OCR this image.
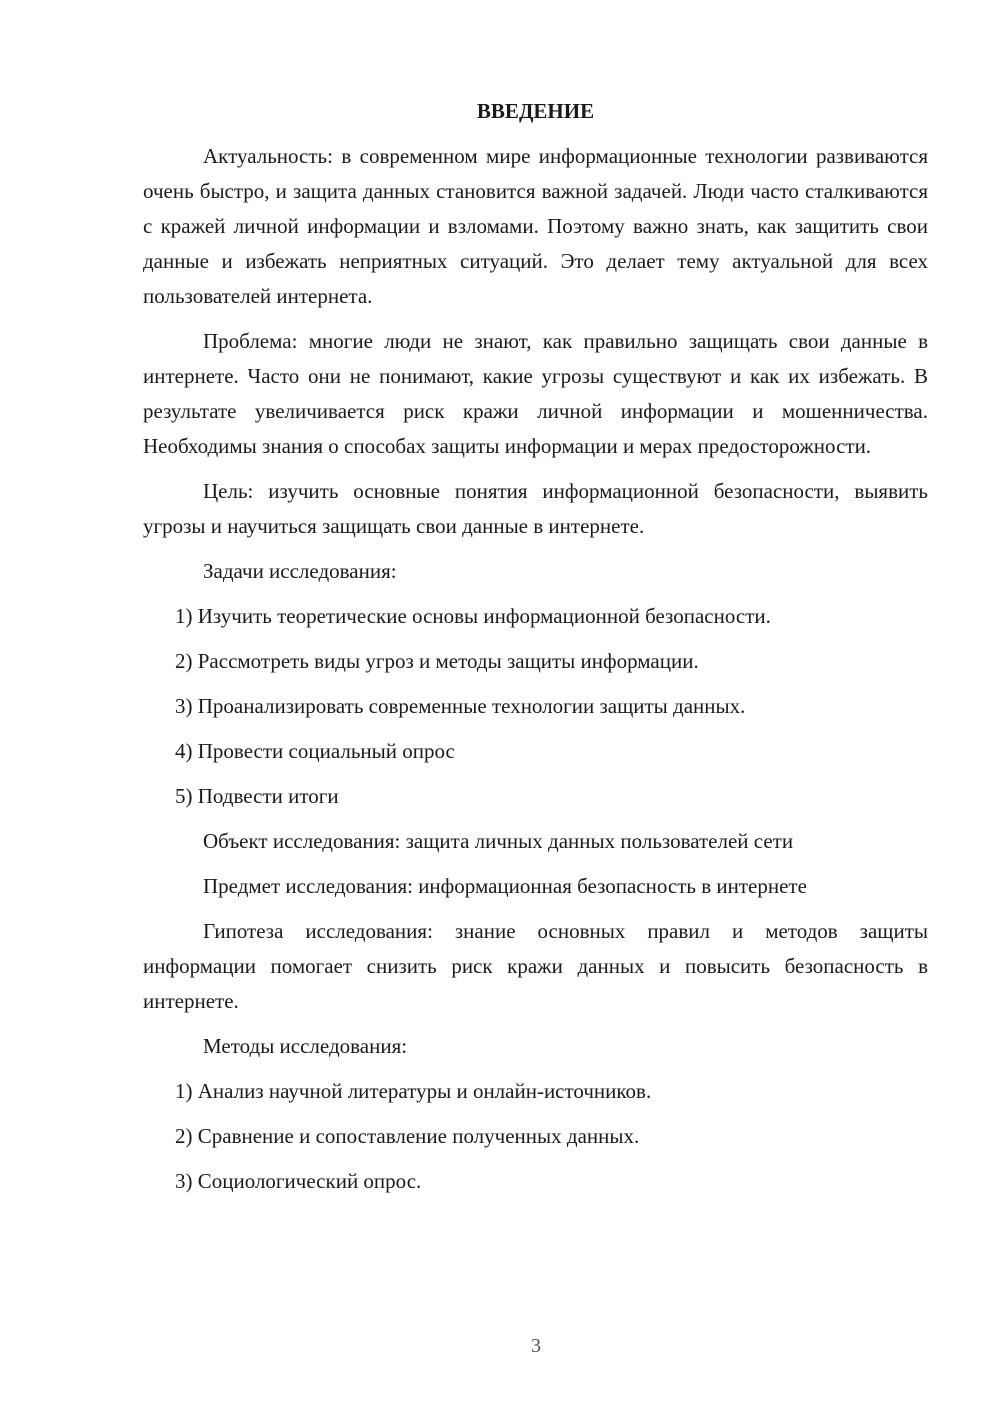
ВВЕДЕНИЕ

Актуальность: в современном мире информационные технологии развиваются очень быстро, и защита данных становится важной задачей. Люди часто сталкиваются с кражей личной информации и взломами. Поэтому важно знать, как защитить свои данные и избежать неприятных ситуаций. Это делает тему актуальной для всех пользователей интернета.

Проблема: многие люди не знают, как правильно защищать свои данные в интернете. Часто они не понимают, какие угрозы существуют и как их избежать. В результате увеличивается риск кражи личной информации и мошенничества. Необходимы знания о способах защиты информации и мерах предосторожности.

Цель: изучить основные понятия информационной безопасности, выявить угрозы и научиться защищать свои данные в интернете.

Задачи исследования:

1) Изучить теоретические основы информационной безопасности.

2) Рассмотреть виды угроз и методы защиты информации.

3) Проанализировать современные технологии защиты данных.

4) Провести социальный опрос

5) Подвести итоги

Объект исследования: защита личных данных пользователей сети

Предмет исследования: информационная безопасность в интернете

Гипотеза исследования: знание основных правил и методов защиты информации помогает снизить риск кражи данных и повысить безопасность в интернете.

Методы исследования:

1) Анализ научной литературы и онлайн-источников.

2) Сравнение и сопоставление полученных данных.

3) Социологический опрос.

3
